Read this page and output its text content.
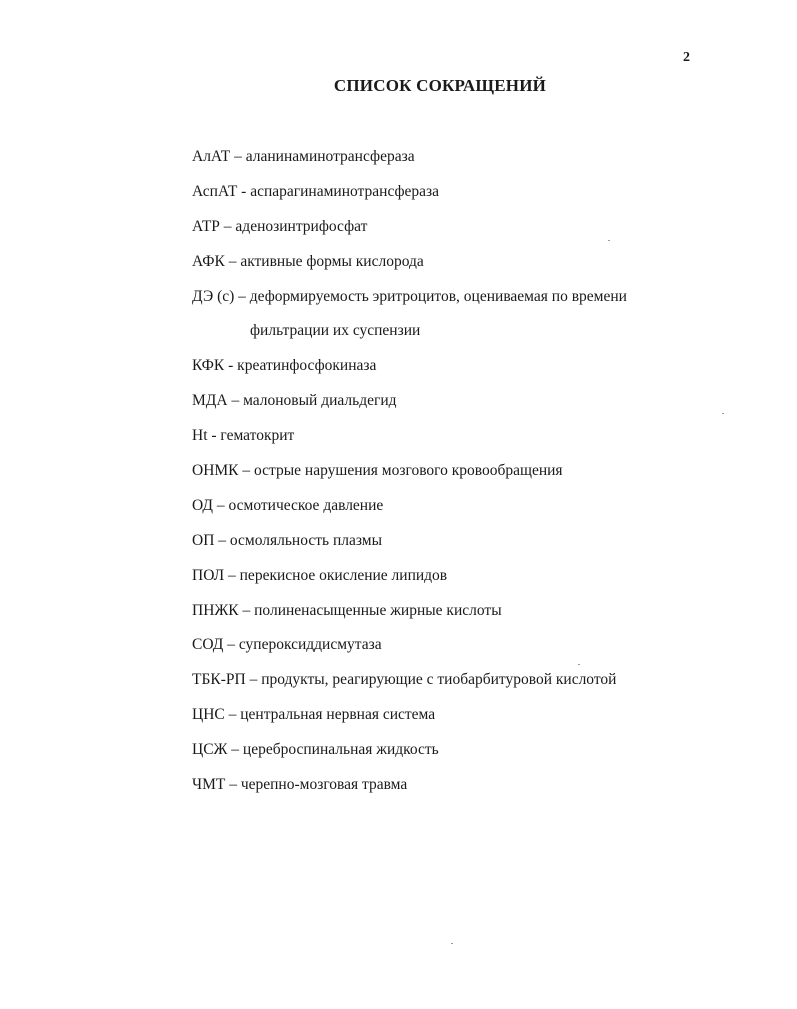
2
СПИСОК СОКРАЩЕНИЙ
АлАТ – аланинаминотрансфераза
АспАТ - аспарагинаминотрансфераза
АТР – аденозинтрифосфат
АФК – активные формы кислорода
ДЭ (с) – деформируемость эритроцитов, оцениваемая по времени
фильтрации их суспензии
КФК - креатинфосфокиназа
МДА – малоновый диальдегид
Ht - гематокрит
ОНМК – острые нарушения мозгового кровообращения
ОД – осмотическое давление
ОП – осмоляльность плазмы
ПОЛ – перекисное окисление липидов
ПНЖК – полиненасыщенные жирные кислоты
СОД – супероксиддисмутаза
ТБК-РП – продукты, реагирующие с тиобарбитуровой кислотой
ЦНС – центральная нервная система
ЦСЖ – цереброспинальная жидкость
ЧМТ – черепно-мозговая травма
